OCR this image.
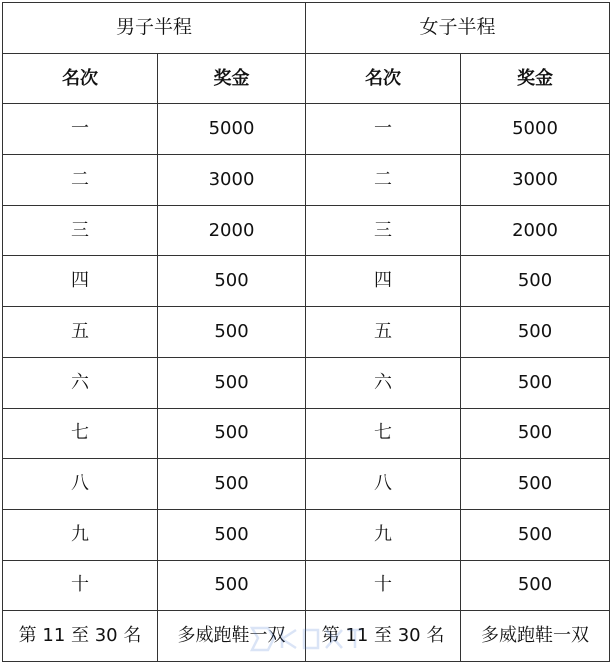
男子半程		女子半程	
名次	奖金	名次	奖金
一	5000	一	5000
二	3000	二	3000
三	2000	三	2000
四	500	四	500
五	500	五	500
六	500	六	500
七	500	七	500
八	500	八	500
九	500	九	500
十	500	十	500
第 11 至 30 名	多威跑鞋一双	第 11 至 30 名	多威跑鞋一双
